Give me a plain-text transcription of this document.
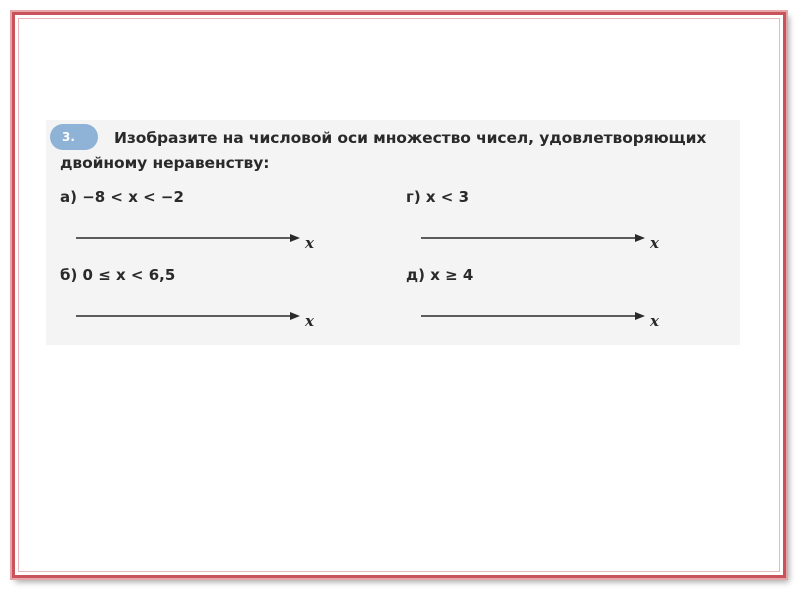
3.	Изобразите на числовой оси множество чисел, удовлетворяющих двойному неравенству:
а) −8 < x < −2
x
г) x < 3
x
б) 0 ≤ x < 6,5
x
д) x ≥ 4
x
